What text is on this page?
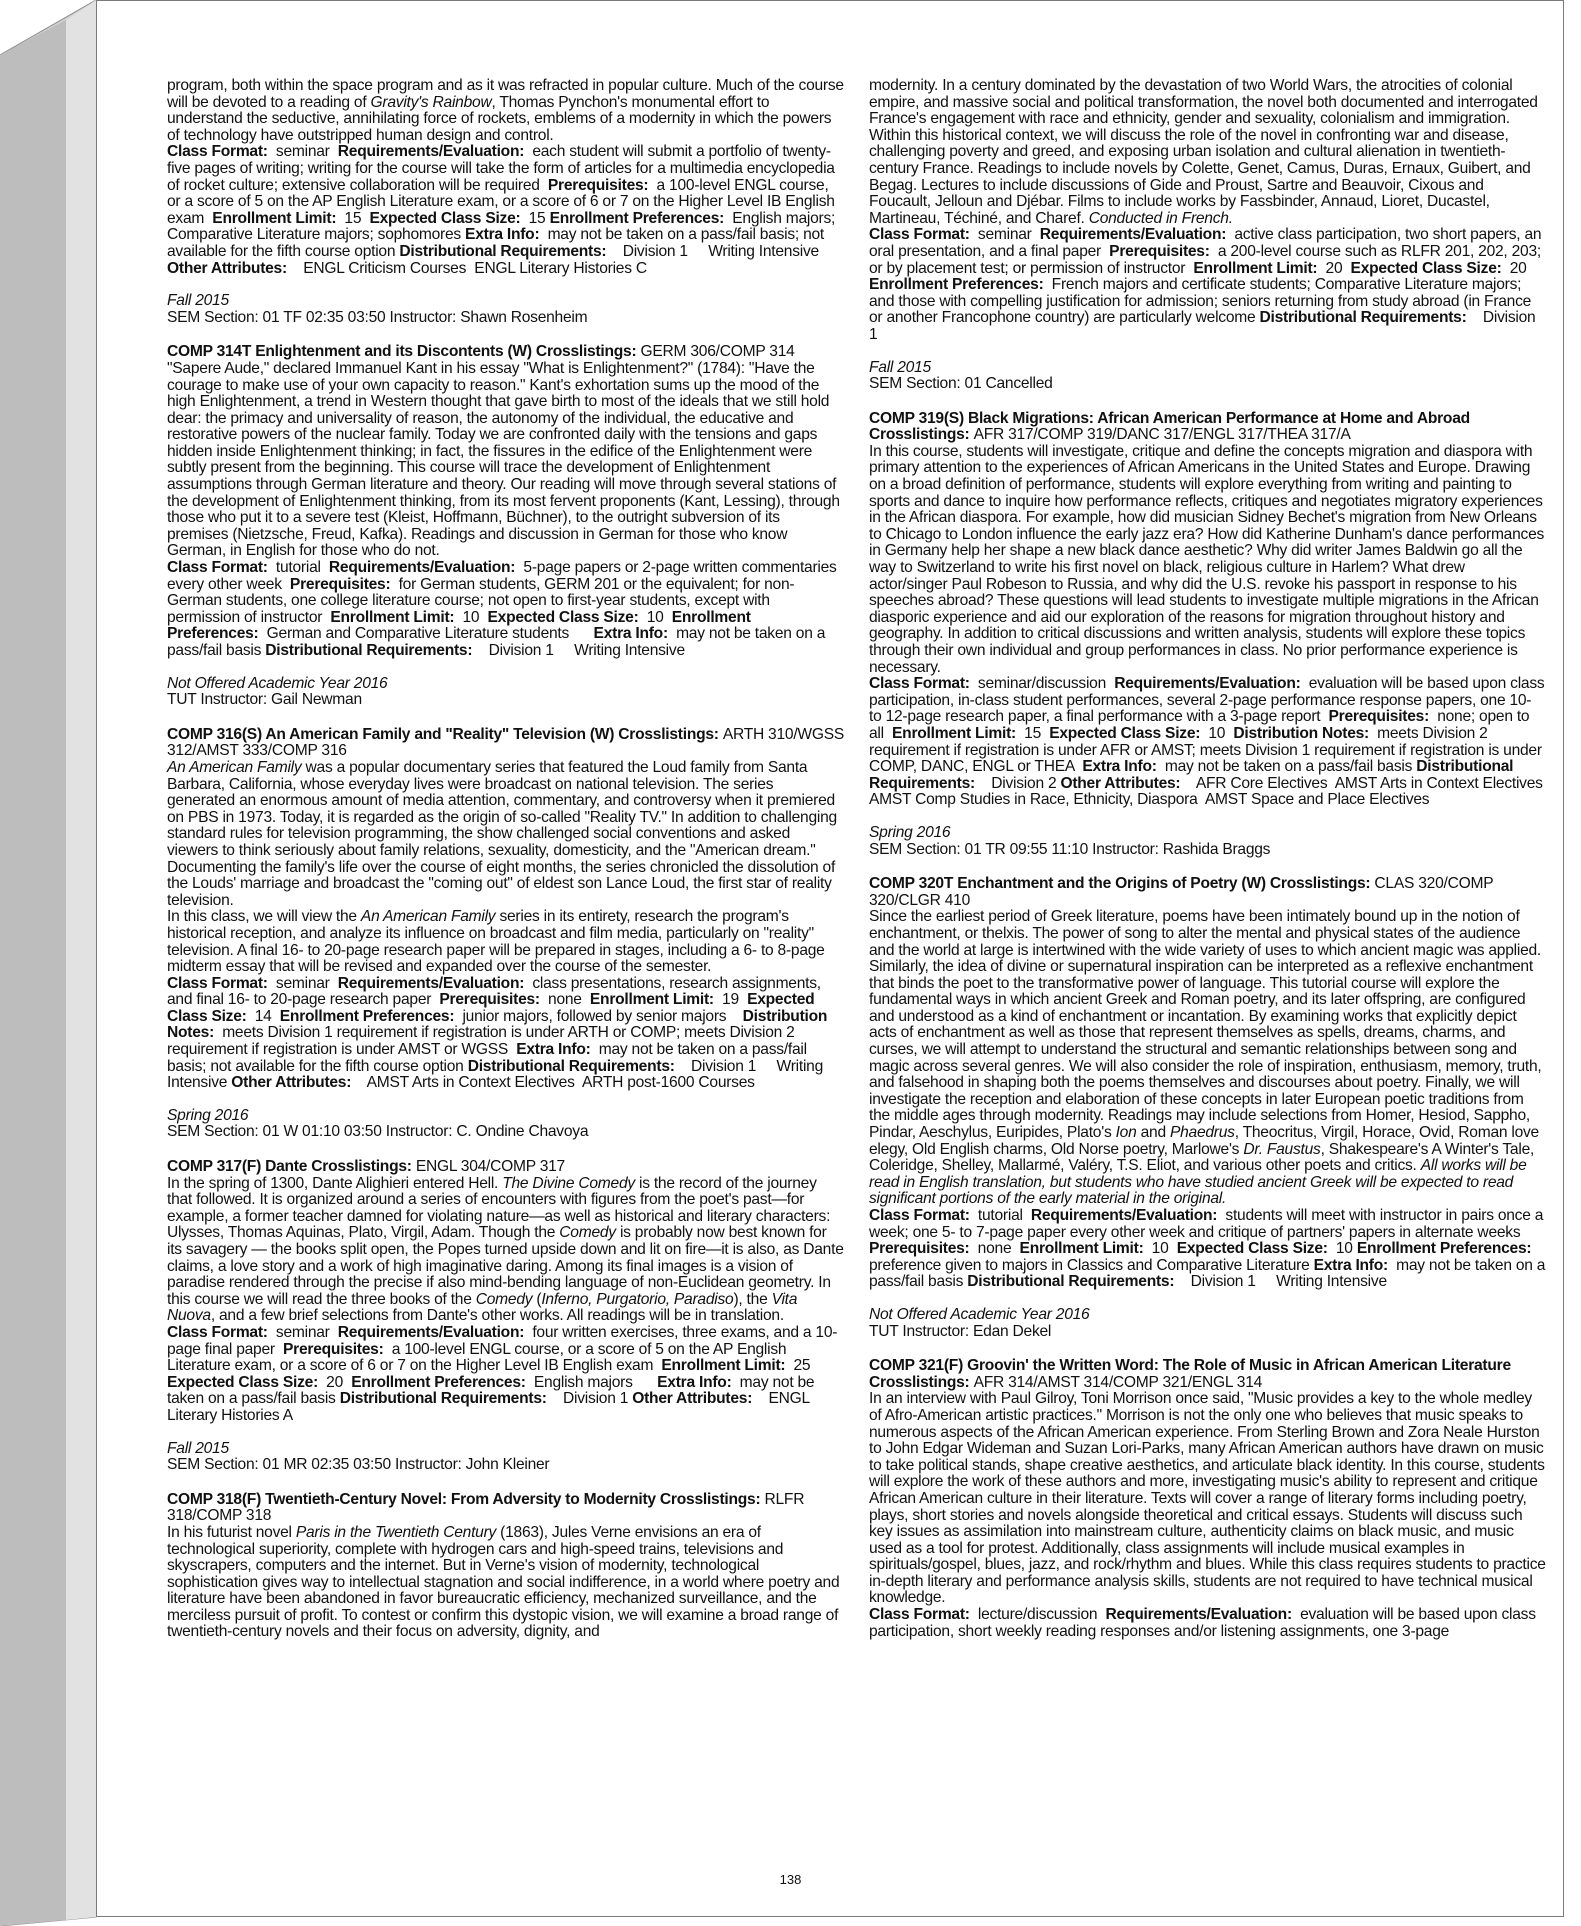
program, both within the space program and as it was refracted in popular culture. Much of the course will be devoted to a reading of Gravity's Rainbow, Thomas Pynchon's monumental effort to understand the seductive, annihilating force of rockets, emblems of a modernity in which the powers of technology have outstripped human design and control.

Class Format:  seminar  Requirements/Evaluation:  each student will submit a portfolio of twenty-five pages of writing; writing for the course will take the form of articles for a multimedia encyclopedia of rocket culture; extensive collaboration will be required  Prerequisites:  a 100-level ENGL course, or a score of 5 on the AP English Literature exam, or a score of 6 or 7 on the Higher Level IB English exam  Enrollment Limit:  15  Expected Class Size:  15 Enrollment Preferences:  English majors; Comparative Literature majors; sophomores Extra Info:  may not be taken on a pass/fail basis; not available for the fifth course option Distributional Requirements:    Division 1     Writing Intensive Other Attributes:    ENGL Criticism Courses  ENGL Literary Histories C

Fall 2015

SEM Section: 01 TF 02:35 03:50 Instructor: Shawn Rosenheim

COMP 314T Enlightenment and its Discontents (W) Crosslistings: GERM 306/COMP 314

"Sapere Aude," declared Immanuel Kant in his essay "What is Enlightenment?" (1784): "Have the courage to make use of your own capacity to reason." Kant's exhortation sums up the mood of the high Enlightenment, a trend in Western thought that gave birth to most of the ideals that we still hold dear: the primacy and universality of reason, the autonomy of the individual, the educative and restorative powers of the nuclear family. Today we are confronted daily with the tensions and gaps hidden inside Enlightenment thinking; in fact, the fissures in the edifice of the Enlightenment were subtly present from the beginning. This course will trace the development of Enlightenment assumptions through German literature and theory. Our reading will move through several stations of the development of Enlightenment thinking, from its most fervent proponents (Kant, Lessing), through those who put it to a severe test (Kleist, Hoffmann, Büchner), to the outright subversion of its premises (Nietzsche, Freud, Kafka). Readings and discussion in German for those who know German, in English for those who do not.

Class Format:  tutorial  Requirements/Evaluation:  5-page papers or 2-page written commentaries every other week  Prerequisites:  for German students, GERM 201 or the equivalent; for non-German students, one college literature course; not open to first-year students, except with permission of instructor  Enrollment Limit:  10  Expected Class Size:  10  Enrollment Preferences:  German and Comparative Literature students      Extra Info:  may not be taken on a pass/fail basis Distributional Requirements:    Division 1     Writing Intensive

Not Offered Academic Year 2016

TUT Instructor: Gail Newman

COMP 316(S) An American Family and "Reality" Television (W) Crosslistings: ARTH 310/WGSS 312/AMST 333/COMP 316

An American Family was a popular documentary series that featured the Loud family from Santa Barbara, California, whose everyday lives were broadcast on national television. The series generated an enormous amount of media attention, commentary, and controversy when it premiered on PBS in 1973. Today, it is regarded as the origin of so-called "Reality TV." In addition to challenging standard rules for television programming, the show challenged social conventions and asked viewers to think seriously about family relations, sexuality, domesticity, and the "American dream." Documenting the family's life over the course of eight months, the series chronicled the dissolution of the Louds' marriage and broadcast the "coming out" of eldest son Lance Loud, the first star of reality television.

In this class, we will view the An American Family series in its entirety, research the program's historical reception, and analyze its influence on broadcast and film media, particularly on "reality" television. A final 16- to 20-page research paper will be prepared in stages, including a 6- to 8-page midterm essay that will be revised and expanded over the course of the semester.

Class Format:  seminar  Requirements/Evaluation:  class presentations, research assignments, and final 16- to 20-page research paper  Prerequisites:  none  Enrollment Limit:  19  Expected Class Size:  14  Enrollment Preferences:  junior majors, followed by senior majors    Distribution Notes:  meets Division 1 requirement if registration is under ARTH or COMP; meets Division 2 requirement if registration is under AMST or WGSS  Extra Info:  may not be taken on a pass/fail basis; not available for the fifth course option Distributional Requirements:    Division 1     Writing Intensive Other Attributes:    AMST Arts in Context Electives  ARTH post-1600 Courses

Spring 2016

SEM Section: 01 W 01:10 03:50 Instructor: C. Ondine Chavoya

COMP 317(F) Dante Crosslistings: ENGL 304/COMP 317

In the spring of 1300, Dante Alighieri entered Hell. The Divine Comedy is the record of the journey that followed. It is organized around a series of encounters with figures from the poet's past—for example, a former teacher damned for violating nature—as well as historical and literary characters: Ulysses, Thomas Aquinas, Plato, Virgil, Adam. Though the Comedy is probably now best known for its savagery — the books split open, the Popes turned upside down and lit on fire—it is also, as Dante claims, a love story and a work of high imaginative daring. Among its final images is a vision of paradise rendered through the precise if also mind-bending language of non-Euclidean geometry. In this course we will read the three books of the Comedy (Inferno, Purgatorio, Paradiso), the Vita Nuova, and a few brief selections from Dante's other works. All readings will be in translation.

Class Format:  seminar  Requirements/Evaluation:  four written exercises, three exams, and a 10-page final paper  Prerequisites:  a 100-level ENGL course, or a score of 5 on the AP English Literature exam, or a score of 6 or 7 on the Higher Level IB English exam  Enrollment Limit:  25  Expected Class Size:  20  Enrollment Preferences:  English majors      Extra Info:  may not be taken on a pass/fail basis Distributional Requirements:    Division 1 Other Attributes:    ENGL Literary Histories A

Fall 2015

SEM Section: 01 MR 02:35 03:50 Instructor: John Kleiner

COMP 318(F) Twentieth-Century Novel: From Adversity to Modernity Crosslistings: RLFR 318/COMP 318

In his futurist novel Paris in the Twentieth Century (1863), Jules Verne envisions an era of technological superiority, complete with hydrogen cars and high-speed trains, televisions and skyscrapers, computers and the internet. But in Verne's vision of modernity, technological sophistication gives way to intellectual stagnation and social indifference, in a world where poetry and literature have been abandoned in favor bureaucratic efficiency, mechanized surveillance, and the merciless pursuit of profit. To contest or confirm this dystopic vision, we will examine a broad range of twentieth-century novels and their focus on adversity, dignity, and

modernity. In a century dominated by the devastation of two World Wars, the atrocities of colonial empire, and massive social and political transformation, the novel both documented and interrogated France's engagement with race and ethnicity, gender and sexuality, colonialism and immigration. Within this historical context, we will discuss the role of the novel in confronting war and disease, challenging poverty and greed, and exposing urban isolation and cultural alienation in twentieth-century France. Readings to include novels by Colette, Genet, Camus, Duras, Ernaux, Guibert, and Begag. Lectures to include discussions of Gide and Proust, Sartre and Beauvoir, Cixous and Foucault, Jelloun and Djébar. Films to include works by Fassbinder, Annaud, Lioret, Ducastel, Martineau, Téchiné, and Charef. Conducted in French.

Class Format:  seminar  Requirements/Evaluation:  active class participation, two short papers, an oral presentation, and a final paper  Prerequisites:  a 200-level course such as RLFR 201, 202, 203; or by placement test; or permission of instructor  Enrollment Limit:  20  Expected Class Size:  20  Enrollment Preferences:  French majors and certificate students; Comparative Literature majors; and those with compelling justification for admission; seniors returning from study abroad (in France or another Francophone country) are particularly welcome Distributional Requirements:    Division 1

Fall 2015

SEM Section: 01 Cancelled

COMP 319(S) Black Migrations: African American Performance at Home and Abroad Crosslistings: AFR 317/COMP 319/DANC 317/ENGL 317/THEA 317/A

In this course, students will investigate, critique and define the concepts migration and diaspora with primary attention to the experiences of African Americans in the United States and Europe. Drawing on a broad definition of performance, students will explore everything from writing and painting to sports and dance to inquire how performance reflects, critiques and negotiates migratory experiences in the African diaspora. For example, how did musician Sidney Bechet's migration from New Orleans to Chicago to London influence the early jazz era? How did Katherine Dunham's dance performances in Germany help her shape a new black dance aesthetic? Why did writer James Baldwin go all the way to Switzerland to write his first novel on black, religious culture in Harlem? What drew actor/singer Paul Robeson to Russia, and why did the U.S. revoke his passport in response to his speeches abroad? These questions will lead students to investigate multiple migrations in the African diasporic experience and aid our exploration of the reasons for migration throughout history and geography. In addition to critical discussions and written analysis, students will explore these topics through their own individual and group performances in class. No prior performance experience is necessary.

Class Format:  seminar/discussion  Requirements/Evaluation:  evaluation will be based upon class participation, in-class student performances, several 2-page performance response papers, one 10- to 12-page research paper, a final performance with a 3-page report  Prerequisites:  none; open to all  Enrollment Limit:  15  Expected Class Size:  10  Distribution Notes:  meets Division 2 requirement if registration is under AFR or AMST; meets Division 1 requirement if registration is under COMP, DANC, ENGL or THEA  Extra Info:  may not be taken on a pass/fail basis Distributional Requirements:    Division 2 Other Attributes:    AFR Core Electives  AMST Arts in Context Electives  AMST Comp Studies in Race, Ethnicity, Diaspora  AMST Space and Place Electives

Spring 2016

SEM Section: 01 TR 09:55 11:10 Instructor: Rashida Braggs

COMP 320T Enchantment and the Origins of Poetry (W) Crosslistings: CLAS 320/COMP 320/CLGR 410

Since the earliest period of Greek literature, poems have been intimately bound up in the notion of enchantment, or thelxis. The power of song to alter the mental and physical states of the audience and the world at large is intertwined with the wide variety of uses to which ancient magic was applied. Similarly, the idea of divine or supernatural inspiration can be interpreted as a reflexive enchantment that binds the poet to the transformative power of language. This tutorial course will explore the fundamental ways in which ancient Greek and Roman poetry, and its later offspring, are configured and understood as a kind of enchantment or incantation. By examining works that explicitly depict acts of enchantment as well as those that represent themselves as spells, dreams, charms, and curses, we will attempt to understand the structural and semantic relationships between song and magic across several genres. We will also consider the role of inspiration, enthusiasm, memory, truth, and falsehood in shaping both the poems themselves and discourses about poetry. Finally, we will investigate the reception and elaboration of these concepts in later European poetic traditions from the middle ages through modernity. Readings may include selections from Homer, Hesiod, Sappho, Pindar, Aeschylus, Euripides, Plato's Ion and Phaedrus, Theocritus, Virgil, Horace, Ovid, Roman love elegy, Old English charms, Old Norse poetry, Marlowe's Dr. Faustus, Shakespeare's A Winter's Tale, Coleridge, Shelley, Mallarmé, Valéry, T.S. Eliot, and various other poets and critics. All works will be read in English translation, but students who have studied ancient Greek will be expected to read significant portions of the early material in the original.

Class Format:  tutorial  Requirements/Evaluation:  students will meet with instructor in pairs once a week; one 5- to 7-page paper every other week and critique of partners' papers in alternate weeks  Prerequisites:  none  Enrollment Limit:  10  Expected Class Size:  10 Enrollment Preferences:  preference given to majors in Classics and Comparative Literature Extra Info:  may not be taken on a pass/fail basis Distributional Requirements:    Division 1     Writing Intensive

Not Offered Academic Year 2016

TUT Instructor: Edan Dekel

COMP 321(F) Groovin' the Written Word: The Role of Music in African American Literature Crosslistings: AFR 314/AMST 314/COMP 321/ENGL 314

In an interview with Paul Gilroy, Toni Morrison once said, "Music provides a key to the whole medley of Afro-American artistic practices." Morrison is not the only one who believes that music speaks to numerous aspects of the African American experience. From Sterling Brown and Zora Neale Hurston to John Edgar Wideman and Suzan Lori-Parks, many African American authors have drawn on music to take political stands, shape creative aesthetics, and articulate black identity. In this course, students will explore the work of these authors and more, investigating music's ability to represent and critique African American culture in their literature. Texts will cover a range of literary forms including poetry, plays, short stories and novels alongside theoretical and critical essays. Students will discuss such key issues as assimilation into mainstream culture, authenticity claims on black music, and music used as a tool for protest. Additionally, class assignments will include musical examples in spirituals/gospel, blues, jazz, and rock/rhythm and blues. While this class requires students to practice in-depth literary and performance analysis skills, students are not required to have technical musical knowledge.

Class Format:  lecture/discussion  Requirements/Evaluation:  evaluation will be based upon class participation, short weekly reading responses and/or listening assignments, one 3-page

138
